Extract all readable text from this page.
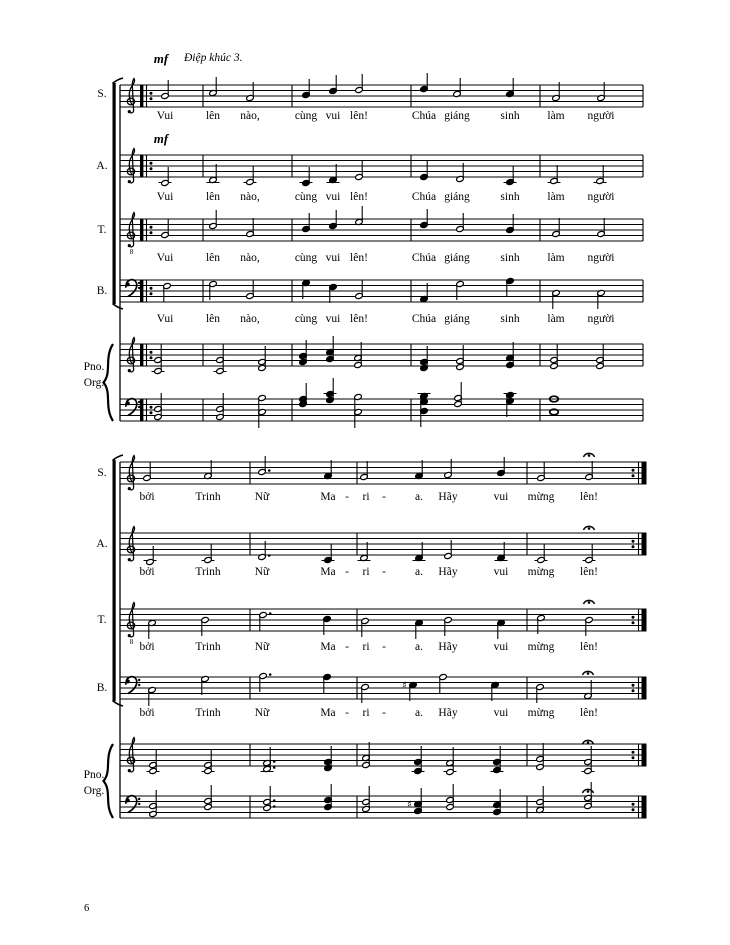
8
8
♯
♯
S.
Vui	lên nào,	cùng vui lên!	Chúa giáng	sinh làm người
A.
Vui	lên nào,	cùng vui lên!	Chúa giáng	sinh làm người
T.
Vui	lên nào,	cùng vui lên!	Chúa giáng	sinh làm người
B.
Vui	lên nào,	cùng vui lên!	Chúa giáng	sinh làm người
Pno.
Org.
S.
bởi	Trinh	Nữ	Ma - ri -	a. Hãy	vui mừng lên!
A.
bởi	Trinh	Nữ	Ma - ri -	a. Hãy	vui mừng lên!
T.
bởi	Trinh	Nữ	Ma - ri -	a. Hãy	vui mừng lên!
B.
bởi	Trinh	Nữ	Ma - ri -	a. Hãy	vui mừng lên!
Pno.
Org.
mf Điệp khúc 3.
mf
6
